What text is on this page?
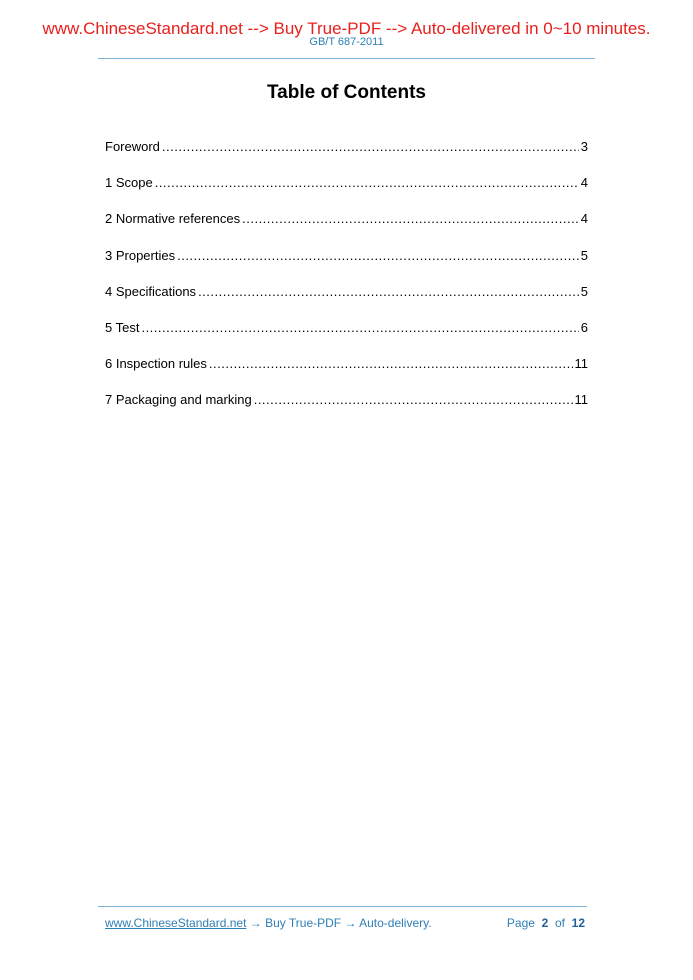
www.ChineseStandard.net --> Buy True-PDF --> Auto-delivered in 0~10 minutes.
GB/T 687-2011
Table of Contents
Foreword .....	3
1 Scope .....	4
2 Normative references .....	4
3 Properties .....	5
4 Specifications .....	5
5 Test .....	6
6 Inspection rules .....	11
7 Packaging and marking .....	11
www.ChineseStandard.net → Buy True-PDF → Auto-delivery.	Page 2 of 12
